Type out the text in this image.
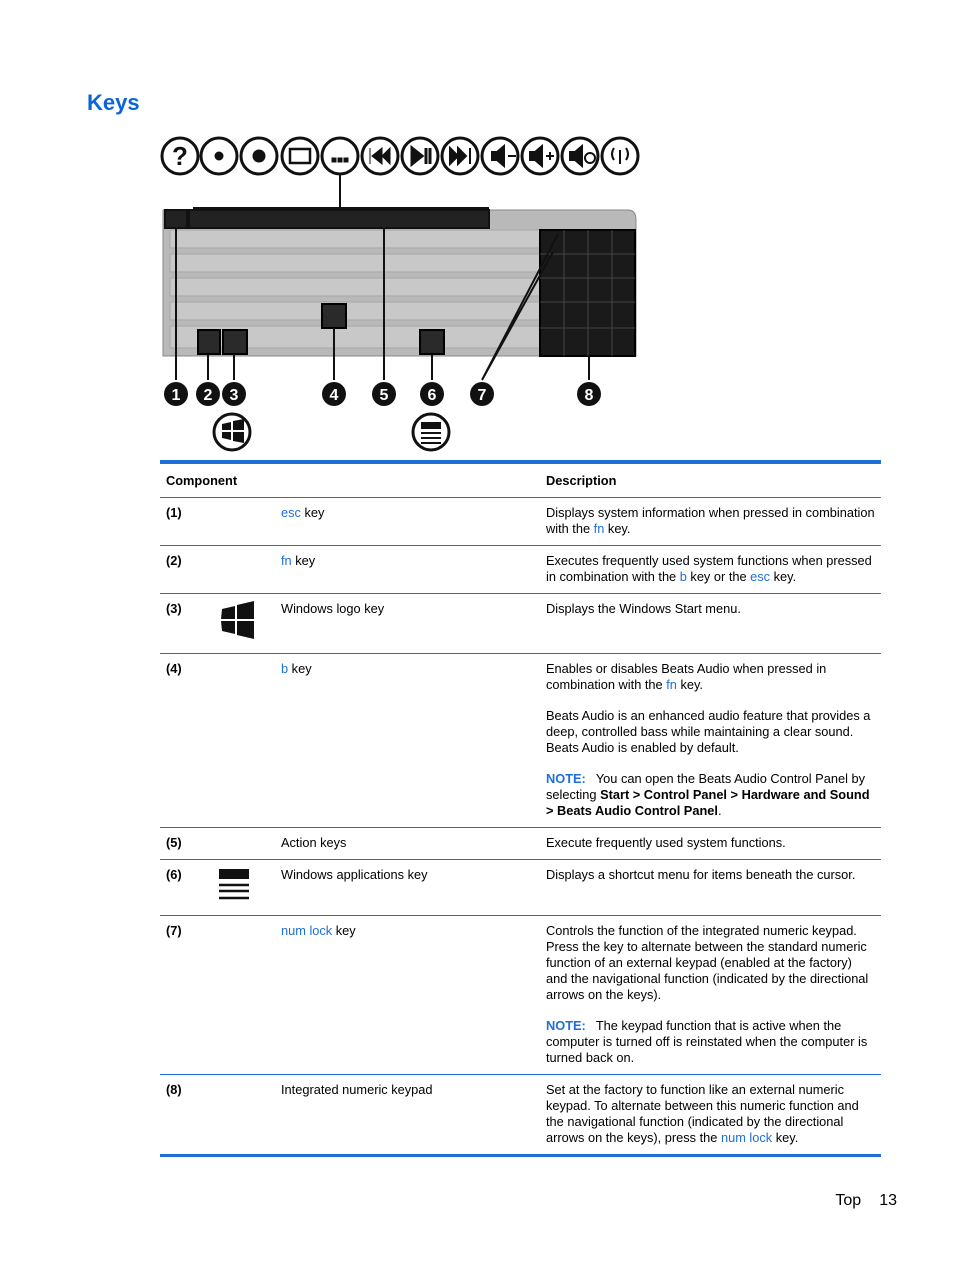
Keys
?
1 2 3	4	5 6	7	8
Component			Description
(1)		esc key	Displays system information when pressed in combination with the fn key.
(2)		fn key	Executes frequently used system functions when pressed in combination with the b key or the esc key.
(3)		Windows logo key	Displays the Windows Start menu.
(4)		b key	Enables or disables Beats Audio when pressed in combination with the fn key.

Beats Audio is an enhanced audio feature that provides a deep, controlled bass while maintaining a clear sound. Beats Audio is enabled by default.

NOTE: You can open the Beats Audio Control Panel by selecting Start > Control Panel > Hardware and Sound > Beats Audio Control Panel.

(5)		Action keys	Execute frequently used system functions.
(6)		Windows applications key	Displays a shortcut menu for items beneath the cursor.
(7)		num lock key	Controls the function of the integrated numeric keypad. Press the key to alternate between the standard numeric function of an external keypad (enabled at the factory) and the navigational function (indicated by the directional arrows on the keys).

NOTE: The keypad function that is active when the computer is turned off is reinstated when the computer is turned back on.

(8)		Integrated numeric keypad	Set at the factory to function like an external numeric keypad. To alternate between this numeric function and the navigational function (indicated by the directional arrows on the keys), press the num lock key.
Top 13
